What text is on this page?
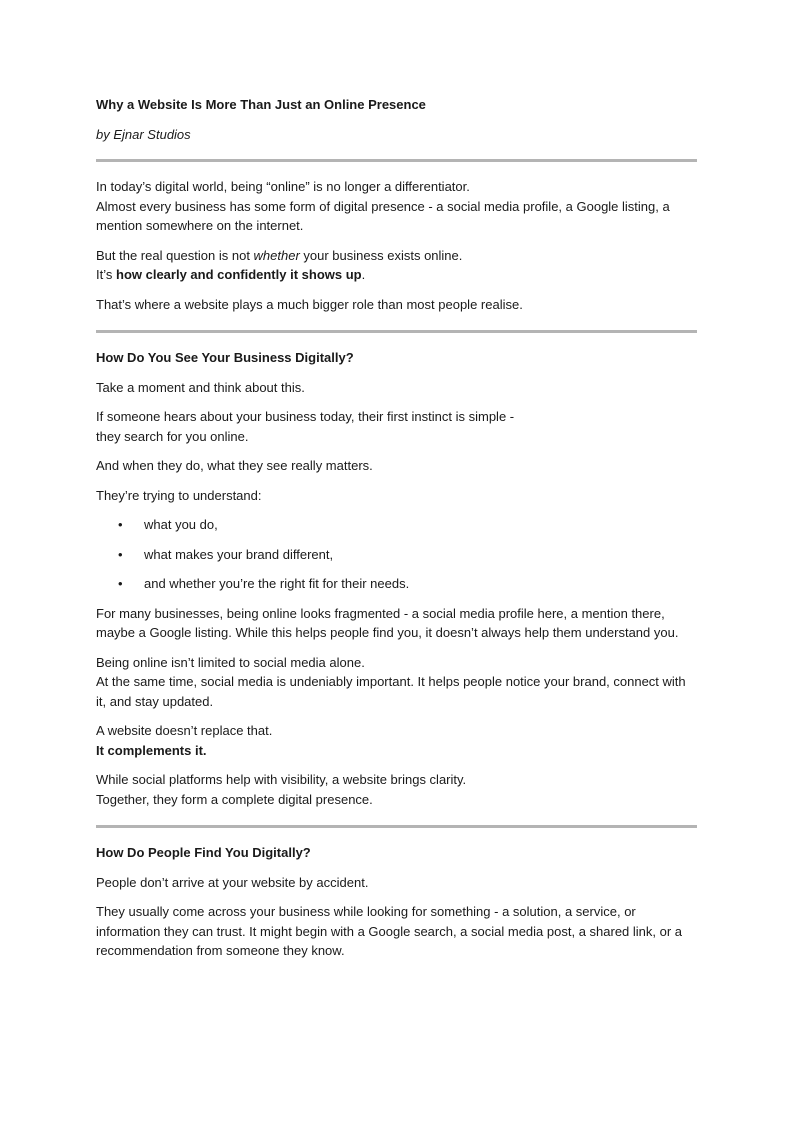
Why a Website Is More Than Just an Online Presence
by Ejnar Studios

In today’s digital world, being “online” is no longer a differentiator.
Almost every business has some form of digital presence - a social media profile, a Google listing, a mention somewhere on the internet.

But the real question is not whether your business exists online.
It’s how clearly and confidently it shows up.

That’s where a website plays a much bigger role than most people realise.

How Do You See Your Business Digitally?

Take a moment and think about this.

If someone hears about your business today, their first instinct is simple -
they search for you online.

And when they do, what they see really matters.

They’re trying to understand:

• what you do,
• what makes your brand different,
• and whether you’re the right fit for their needs.

For many businesses, being online looks fragmented - a social media profile here, a mention there, maybe a Google listing. While this helps people find you, it doesn’t always help them understand you.

Being online isn’t limited to social media alone.
At the same time, social media is undeniably important. It helps people notice your brand, connect with it, and stay updated.

A website doesn’t replace that.
It complements it.

While social platforms help with visibility, a website brings clarity.
Together, they form a complete digital presence.

How Do People Find You Digitally?

People don’t arrive at your website by accident.

They usually come across your business while looking for something - a solution, a service, or information they can trust. It might begin with a Google search, a social media post, a shared link, or a recommendation from someone they know.
